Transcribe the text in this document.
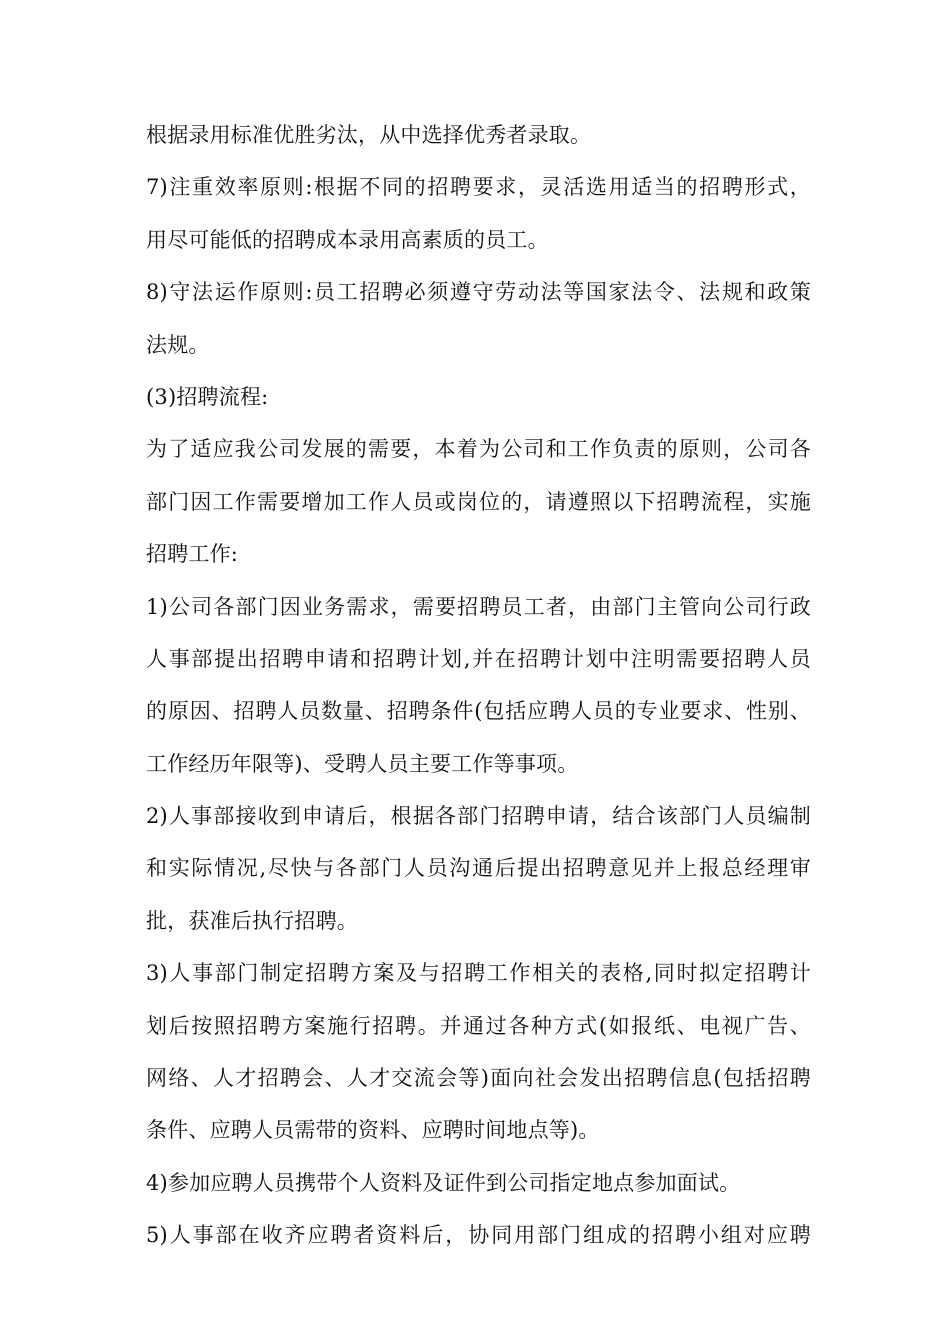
根据录用标准优胜劣汰，从中选择优秀者录取。
7)注重效率原则:根据不同的招聘要求，灵活选用适当的招聘形式，
用尽可能低的招聘成本录用高素质的员工。
8)守法运作原则:员工招聘必须遵守劳动法等国家法令、法规和政策
法规。
(3)招聘流程:
为了适应我公司发展的需要，本着为公司和工作负责的原则，公司各
部门因工作需要增加工作人员或岗位的，请遵照以下招聘流程，实施
招聘工作:
1)公司各部门因业务需求，需要招聘员工者，由部门主管向公司行政
人事部提出招聘申请和招聘计划,并在招聘计划中注明需要招聘人员
的原因、招聘人员数量、招聘条件(包括应聘人员的专业要求、性别、
工作经历年限等)、受聘人员主要工作等事项。
2)人事部接收到申请后，根据各部门招聘申请，结合该部门人员编制
和实际情况,尽快与各部门人员沟通后提出招聘意见并上报总经理审
批，获准后执行招聘。
3)人事部门制定招聘方案及与招聘工作相关的表格,同时拟定招聘计
划后按照招聘方案施行招聘。并通过各种方式(如报纸、电视广告、
网络、人才招聘会、人才交流会等)面向社会发出招聘信息(包括招聘
条件、应聘人员需带的资料、应聘时间地点等)。
4)参加应聘人员携带个人资料及证件到公司指定地点参加面试。
5)人事部在收齐应聘者资料后，协同用部门组成的招聘小组对应聘
